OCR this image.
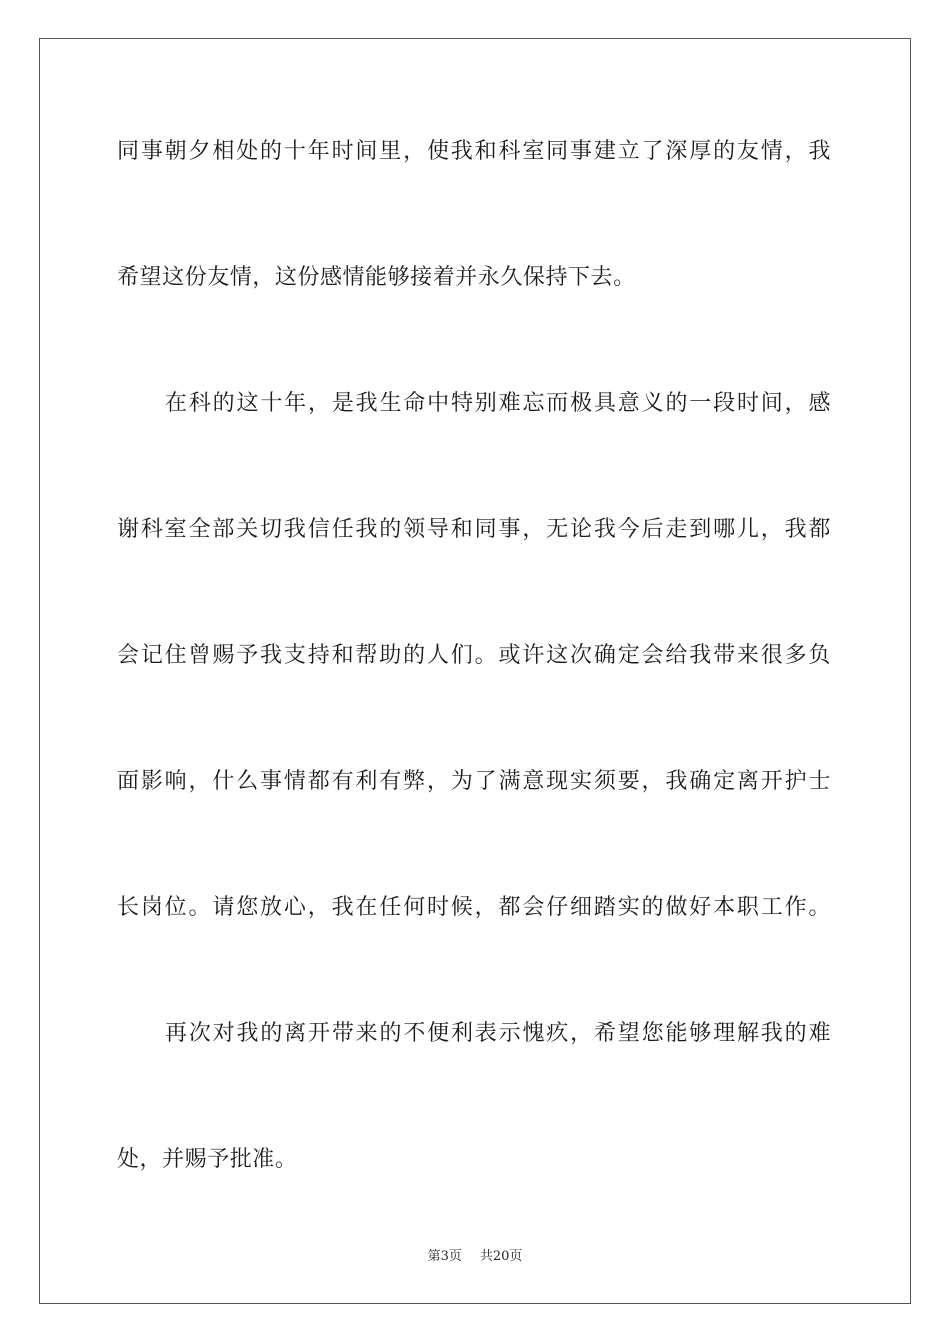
同事朝夕相处的十年时间里，使我和科室同事建立了深厚的友情，我
希望这份友情，这份感情能够接着并永久保持下去。
在科的这十年，是我生命中特别难忘而极具意义的一段时间，感
谢科室全部关切我信任我的领导和同事，无论我今后走到哪儿，我都
会记住曾赐予我支持和帮助的人们。或许这次确定会给我带来很多负
面影响，什么事情都有利有弊，为了满意现实须要，我确定离开护士
长岗位。请您放心，我在任何时候，都会仔细踏实的做好本职工作。
再次对我的离开带来的不便利表示愧疚，希望您能够理解我的难
处，并赐予批准。
第3页 共20页
